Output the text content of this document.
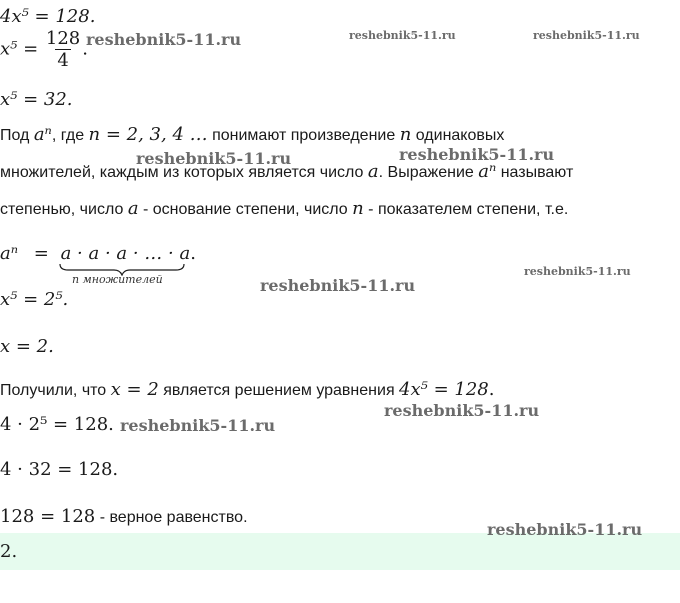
4x⁵ = 128.
$x^5 = \frac{128}{4}$ .
x⁵ = 32.
Под aⁿ, где n = 2, 3, 4 … понимают произведение n одинаковых
множителей, каждым из которых является число a. Выражение aⁿ называют
степенью, число a - основание степени, число n - показателем степени, т.е.
aⁿ = a · a · a · … · a.
n множителей
x⁵ = 2⁵.
x = 2.
Получили, что x = 2 является решением уравнения 4x⁵ = 128.
4 · 2⁵ = 128.
4 · 32 = 128.
128 = 128 - верное равенство.
2.
reshebnik5-11.ru	reshebnik5-11.ru	reshebnik5-11.ru
reshebnik5-11.ru	reshebnik5-11.ru
reshebnik5-11.ru
reshebnik5-11.ru
reshebnik5-11.ru
reshebnik5-11.ru
reshebnik5-11.ru
